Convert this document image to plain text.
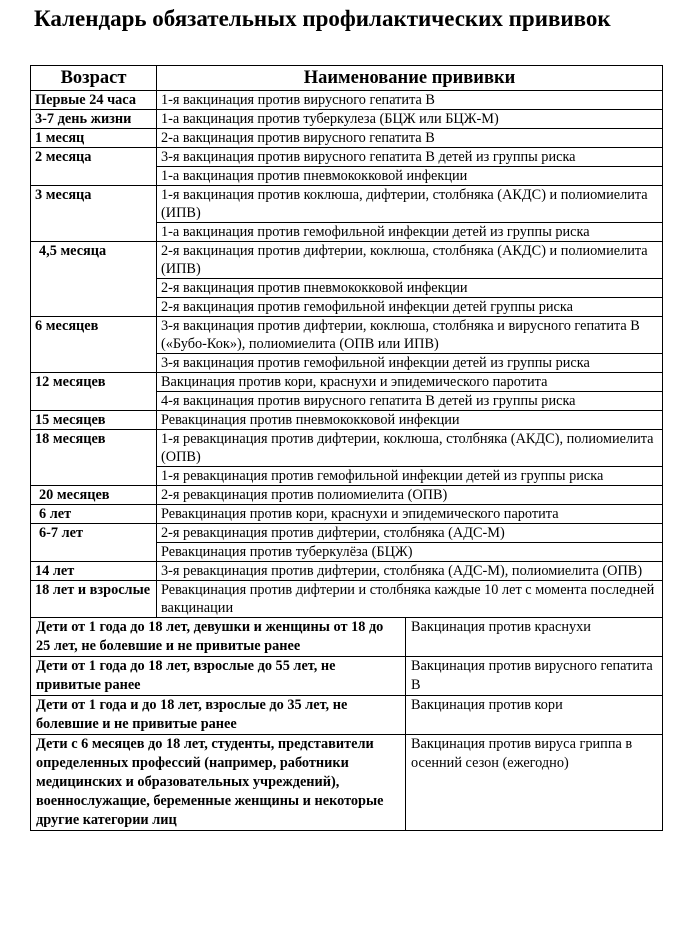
Календарь обязательных профилактических прививок
Возраст	Наименование прививки
Первые 24 часа	1-я вакцинация против вирусного гепатита В
3-7 день жизни	1-а вакцинация против туберкулеза (БЦЖ или БЦЖ-М)
1 месяц	2-а вакцинация против вирусного гепатита В
2 месяца	3-я вакцинация против вирусного гепатита В детей из группы риска
	1-а вакцинация против пневмококковой инфекции
3 месяца	1-я вакцинация против коклюша, дифтерии, столбняка (АКДС) и полиомиелита (ИПВ)
	1-а вакцинация против гемофильной инфекции детей из группы риска
4,5 месяца	2-я вакцинация против дифтерии, коклюша, столбняка (АКДС) и полиомиелита (ИПВ)
	2-я вакцинация против пневмококковой инфекции
	2-я вакцинация против гемофильной инфекции детей группы риска
6 месяцев	3-я вакцинация против дифтерии, коклюша, столбняка и вирусного гепатита В («Бубо-Кок»), полиомиелита (ОПВ или ИПВ)
	3-я вакцинация против гемофильной инфекции детей из группы риска
12 месяцев	Вакцинация против кори, краснухи и эпидемического паротита
	4-я вакцинация против вирусного гепатита В детей из группы риска
15 месяцев	Ревакцинация против пневмококковой инфекции
18 месяцев	1-я ревакцинация против дифтерии, коклюша, столбняка (АКДС), полиомиелита (ОПВ)
	1-я ревакцинация против гемофильной инфекции детей из группы риска
20 месяцев	2-я ревакцинация против полиомиелита (ОПВ)
6 лет	Ревакцинация против кори, краснухи и эпидемического паротита
6-7 лет	2-я ревакцинация против дифтерии, столбняка (АДС-М)
	Ревакцинация против туберкулёза (БЦЖ)
14 лет	3-я ревакцинация против дифтерии, столбняка (АДС-М), полиомиелита (ОПВ)
18 лет и взрослые	Ревакцинация против дифтерии и столбняка каждые 10 лет с момента последней вакцинации
Дети от 1 года до 18 лет, девушки и женщины от 18 до 25 лет, не болевшие и не привитые ранее	Вакцинация против краснухи
Дети от 1 года до 18 лет, взрослые до 55 лет, не привитые ранее	Вакцинация против вирусного гепатита В
Дети от 1 года и до 18 лет, взрослые до 35 лет, не болевшие и не привитые ранее	Вакцинация против кори
Дети с 6 месяцев до 18 лет, студенты, представители определенных профессий (например, работники медицинских и образовательных учреждений), военнослужащие, беременные женщины и некоторые другие категории лиц	Вакцинация против вируса гриппа в осенний сезон (ежегодно)
